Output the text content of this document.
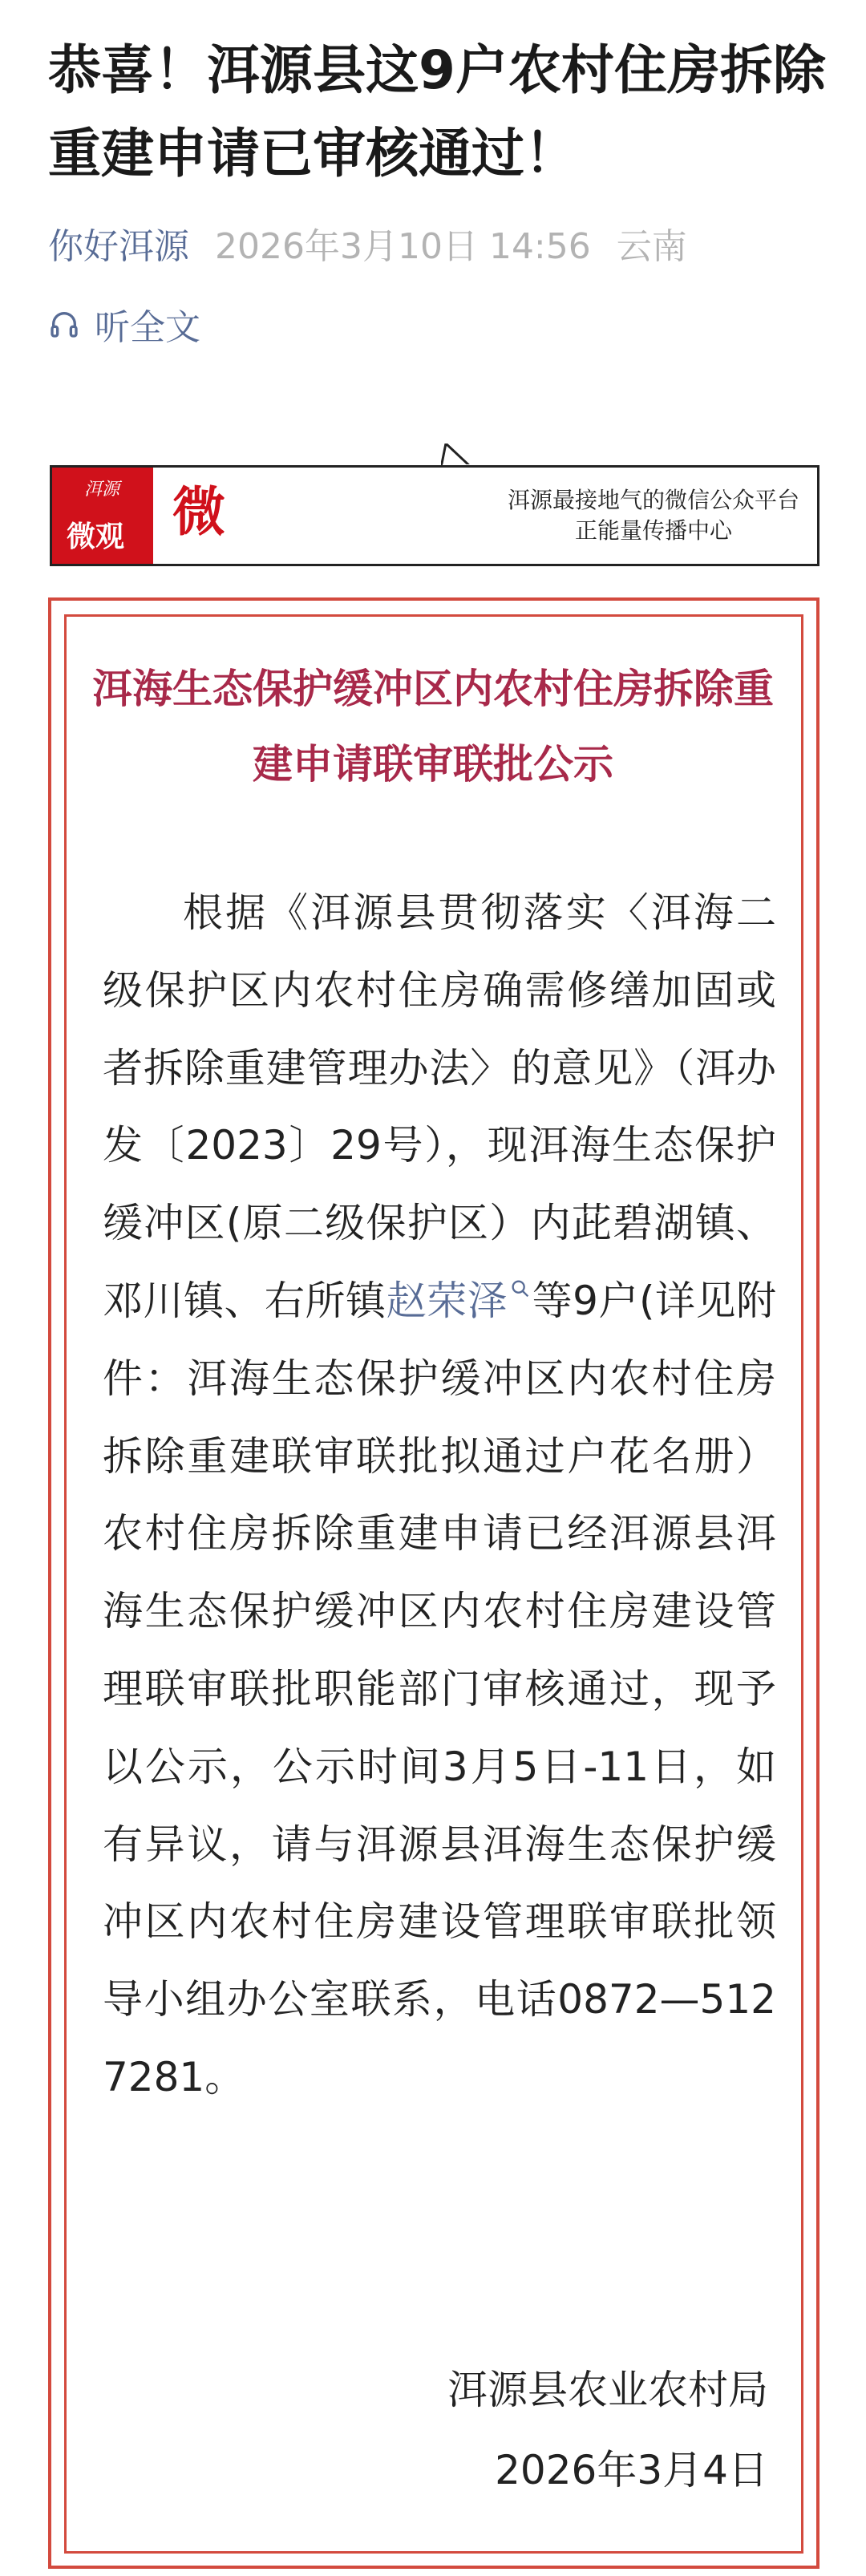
恭喜！洱源县这9户农村住房拆除重建申请已审核通过！
你好洱源 2026年3月10日 14:56 云南
听全文
洱源
微观 微	洱源最接地气的微信公众平台
正能量传播中心
洱海生态保护缓冲区内农村住房拆除重建申请联审联批公示

根据《洱源县贯彻落实〈洱海二级保护区内农村住房确需修缮加固或者拆除重建管理办法〉的意见》（洱办发〔2023〕29号），现洱海生态保护缓冲区(原二级保护区）内茈碧湖镇、邓川镇、右所镇赵荣泽 等9户(详见附件：洱海生态保护缓冲区内农村住房拆除重建联审联批拟通过户花名册）农村住房拆除重建申请已经洱源县洱海生态保护缓冲区内农村住房建设管理联审联批职能部门审核通过，现予以公示，公示时间3月5日-11日，如有异议，请与洱源县洱海生态保护缓冲区内农村住房建设管理联审联批领导小组办公室联系，电话0872—5127281。

洱源县农业农村局
2026年3月4日
